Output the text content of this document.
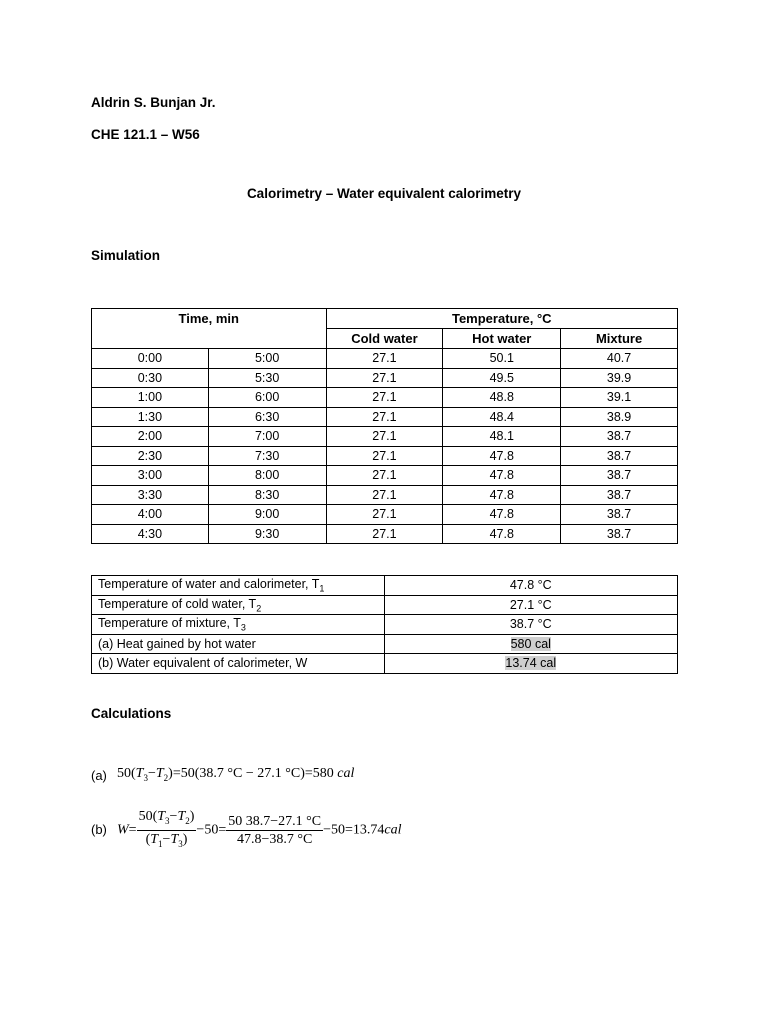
Aldrin S. Bunjan Jr.
CHE 121.1 – W56
Calorimetry – Water equivalent calorimetry
Simulation
Time, min		Temperature, °C		
		Cold water	Hot water	Mixture
0:00	5:00	27.1	50.1	40.7
0:30	5:30	27.1	49.5	39.9
1:00	6:00	27.1	48.8	39.1
1:30	6:30	27.1	48.4	38.9
2:00	7:00	27.1	48.1	38.7
2:30	7:30	27.1	47.8	38.7
3:00	8:00	27.1	47.8	38.7
3:30	8:30	27.1	47.8	38.7
4:00	9:00	27.1	47.8	38.7
4:30	9:30	27.1	47.8	38.7
Temperature of water and calorimeter, $T_1$	47.8 °C
Temperature of cold water, $T_2$	27.1 °C
Temperature of mixture, $T_3$	38.7 °C
(a) Heat gained by hot water	580 cal
(b) Water equivalent of calorimeter, W	13.74 cal
Calculations
(a) $50(T_3-T_2)=50(38.7$ °C − 27.1 °C)=580 cal
(b) $W= \frac{50(T_3-T_2)}{(T_1-T_3)} -50= \frac{50 38.7-27.1 ^\circ C}{47.8-38.7 ^\circ C} -50=13.74cal$
